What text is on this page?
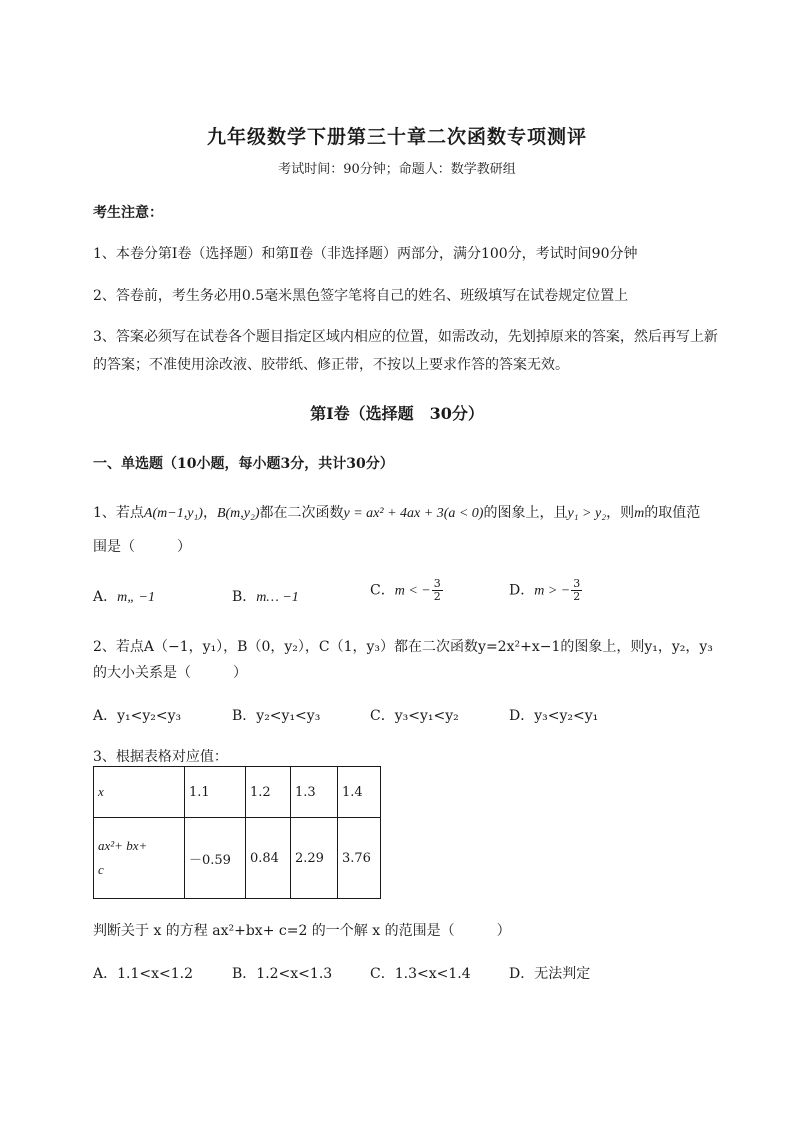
九年级数学下册第三十章二次函数专项测评
考试时间：90分钟；命题人：数学教研组
考生注意：
1、本卷分第Ⅰ卷（选择题）和第Ⅱ卷（非选择题）两部分，满分100分，考试时间90分钟
2、答卷前，考生务必用0.5毫米黑色签字笔将自己的姓名、班级填写在试卷规定位置上
3、答案必须写在试卷各个题目指定区域内相应的位置，如需改动，先划掉原来的答案，然后再写上新
的答案；不准使用涂改液、胶带纸、修正带，不按以上要求作答的答案无效。
第Ⅰ卷（选择题　30分）
一、单选题（10小题，每小题3分，共计30分）
1、若点A(m−1,y₁)，B(m,y₂)都在二次函数y = ax² + 4ax + 3(a < 0)的图象上，且y₁ > y₂，则m的取值范
围是（　　　）
A．m„ −1	B．m… −1	C．m < − $\frac{3}{2}$	D．m > − $\frac{3}{2}$
2、若点A（−1，y₁），B（0，y₂），C（1，y₃）都在二次函数y=2x²+x−1的图象上，则y₁，y₂，y₃
的大小关系是（　　　）
A．y₁<y₂<y₃	B．y₂<y₁<y₃	C．y₃<y₁<y₂	D．y₃<y₂<y₁
3、根据表格对应值：
x	1.1	1.2	1.3	1.4

ax²+ bx+
c	－0.59	0.84	2.29	3.76
判断关于 x 的方程 ax²+bx+ c=2 的一个解 x 的范围是（　　　）
A．1.1<x<1.2	B．1.2<x<1.3	C．1.3<x<1.4	D．无法判定
